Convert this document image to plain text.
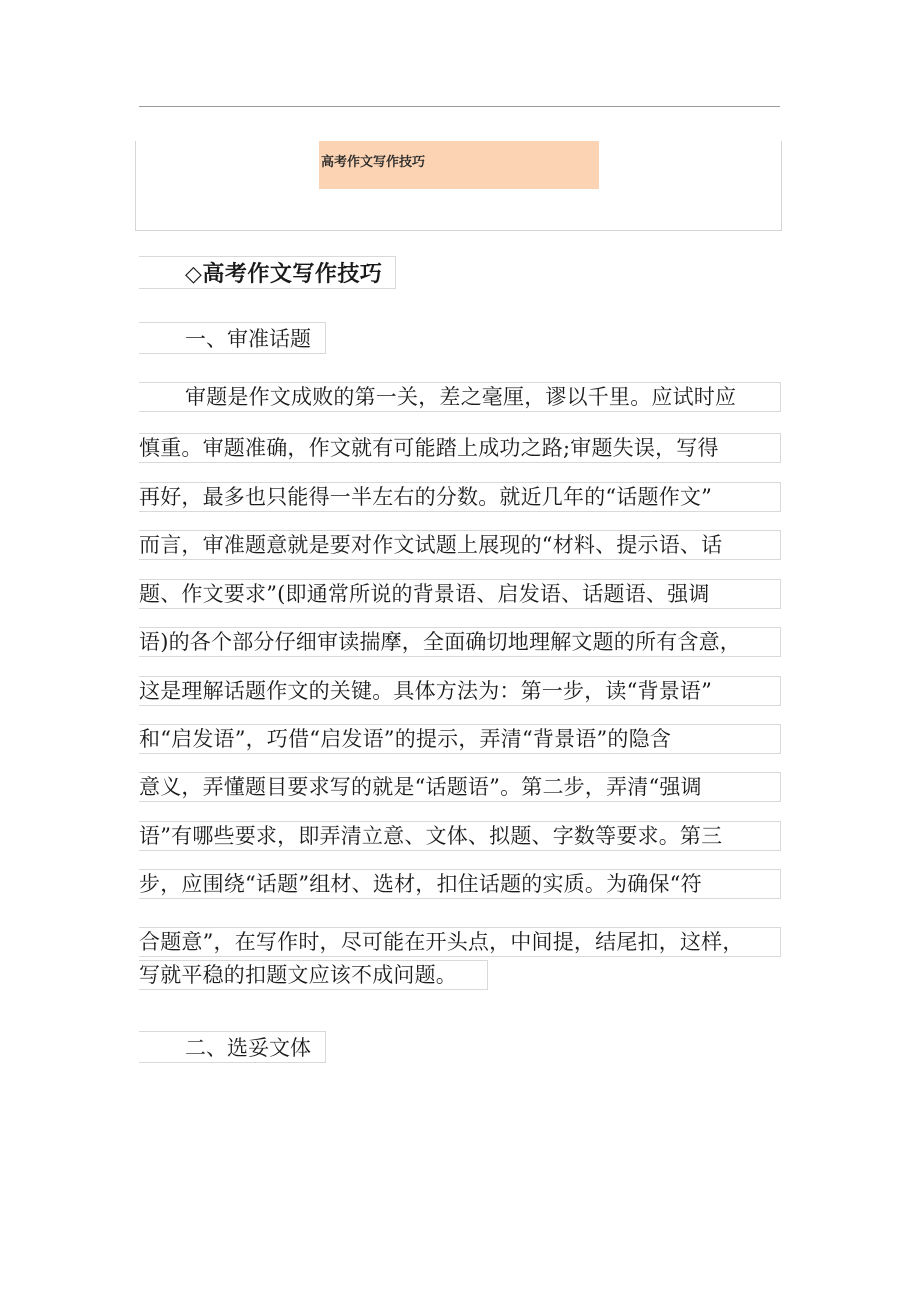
高考作文写作技巧
◇高考作文写作技巧
一、审准话题
审题是作文成败的第一关，差之毫厘，谬以千里。应试时应
慎重。审题准确，作文就有可能踏上成功之路;审题失误，写得
再好，最多也只能得一半左右的分数。就近几年的“话题作文”
而言，审准题意就是要对作文试题上展现的“材料、提示语、话
题、作文要求”(即通常所说的背景语、启发语、话题语、强调
语)的各个部分仔细审读揣摩，全面确切地理解文题的所有含意，
这是理解话题作文的关键。具体方法为：第一步，读“背景语”
和“启发语”，巧借“启发语”的提示，弄清“背景语”的隐含
意义，弄懂题目要求写的就是“话题语”。第二步，弄清“强调
语”有哪些要求，即弄清立意、文体、拟题、字数等要求。第三
步，应围绕“话题”组材、选材，扣住话题的实质。为确保“符
合题意”，在写作时，尽可能在开头点，中间提，结尾扣，这样，
写就平稳的扣题文应该不成问题。
二、选妥文体
